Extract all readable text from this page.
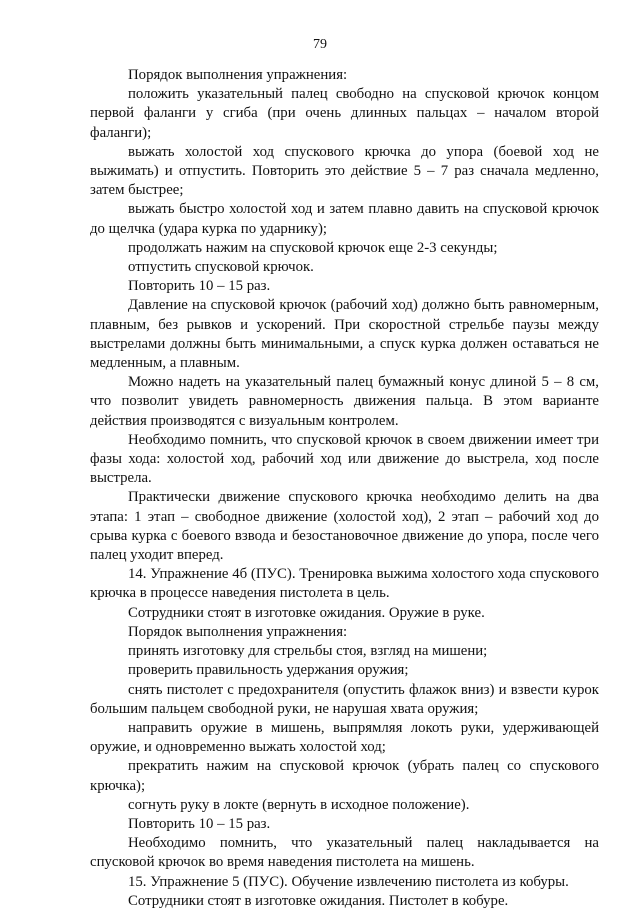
79

Порядок выполнения упражнения:

положить указательный палец свободно на спусковой крючок концом первой фаланги у сгиба (при очень длинных пальцах – началом второй фаланги);

выжать холостой ход спускового крючка до упора (боевой ход не выжимать) и отпустить. Повторить это действие 5 – 7 раз сначала медленно, затем быстрее;

выжать быстро холостой ход и затем плавно давить на спусковой крючок до щелчка (удара курка по ударнику);

продолжать нажим на спусковой крючок еще 2-3 секунды;

отпустить спусковой крючок.

Повторить 10 – 15 раз.

Давление на спусковой крючок (рабочий ход) должно быть равномерным, плавным, без рывков и ускорений. При скоростной стрельбе паузы между выстрелами должны быть минимальными, а спуск курка должен оставаться не медленным, а плавным.

Можно надеть на указательный палец бумажный конус длиной 5 – 8 см, что позволит увидеть равномерность движения пальца. В этом варианте действия производятся с визуальным контролем.

Необходимо помнить, что спусковой крючок в своем движении имеет три фазы хода: холостой ход, рабочий ход или движение до выстрела, ход после выстрела.

Практически движение спускового крючка необходимо делить на два этапа: 1 этап – свободное движение (холостой ход), 2 этап – рабочий ход до срыва курка с боевого взвода и безостановочное движение до упора, после чего палец уходит вперед.

14. Упражнение 4б (ПУС). Тренировка выжима холостого хода спускового крючка в процессе наведения пистолета в цель.

Сотрудники стоят в изготовке ожидания. Оружие в руке.

Порядок выполнения упражнения:

принять изготовку для стрельбы стоя, взгляд на мишени;

проверить правильность удержания оружия;

снять пистолет с предохранителя (опустить флажок вниз) и взвести курок большим пальцем свободной руки, не нарушая хвата оружия;

направить оружие в мишень, выпрямляя локоть руки, удерживающей оружие, и одновременно выжать холостой ход;

прекратить нажим на спусковой крючок (убрать палец со спускового крючка);

согнуть руку в локте (вернуть в исходное положение).

Повторить 10 – 15 раз.

Необходимо помнить, что указательный палец накладывается на спусковой крючок во время наведения пистолета на мишень.

15. Упражнение 5 (ПУС). Обучение извлечению пистолета из кобуры.

Сотрудники стоят в изготовке ожидания. Пистолет в кобуре.
